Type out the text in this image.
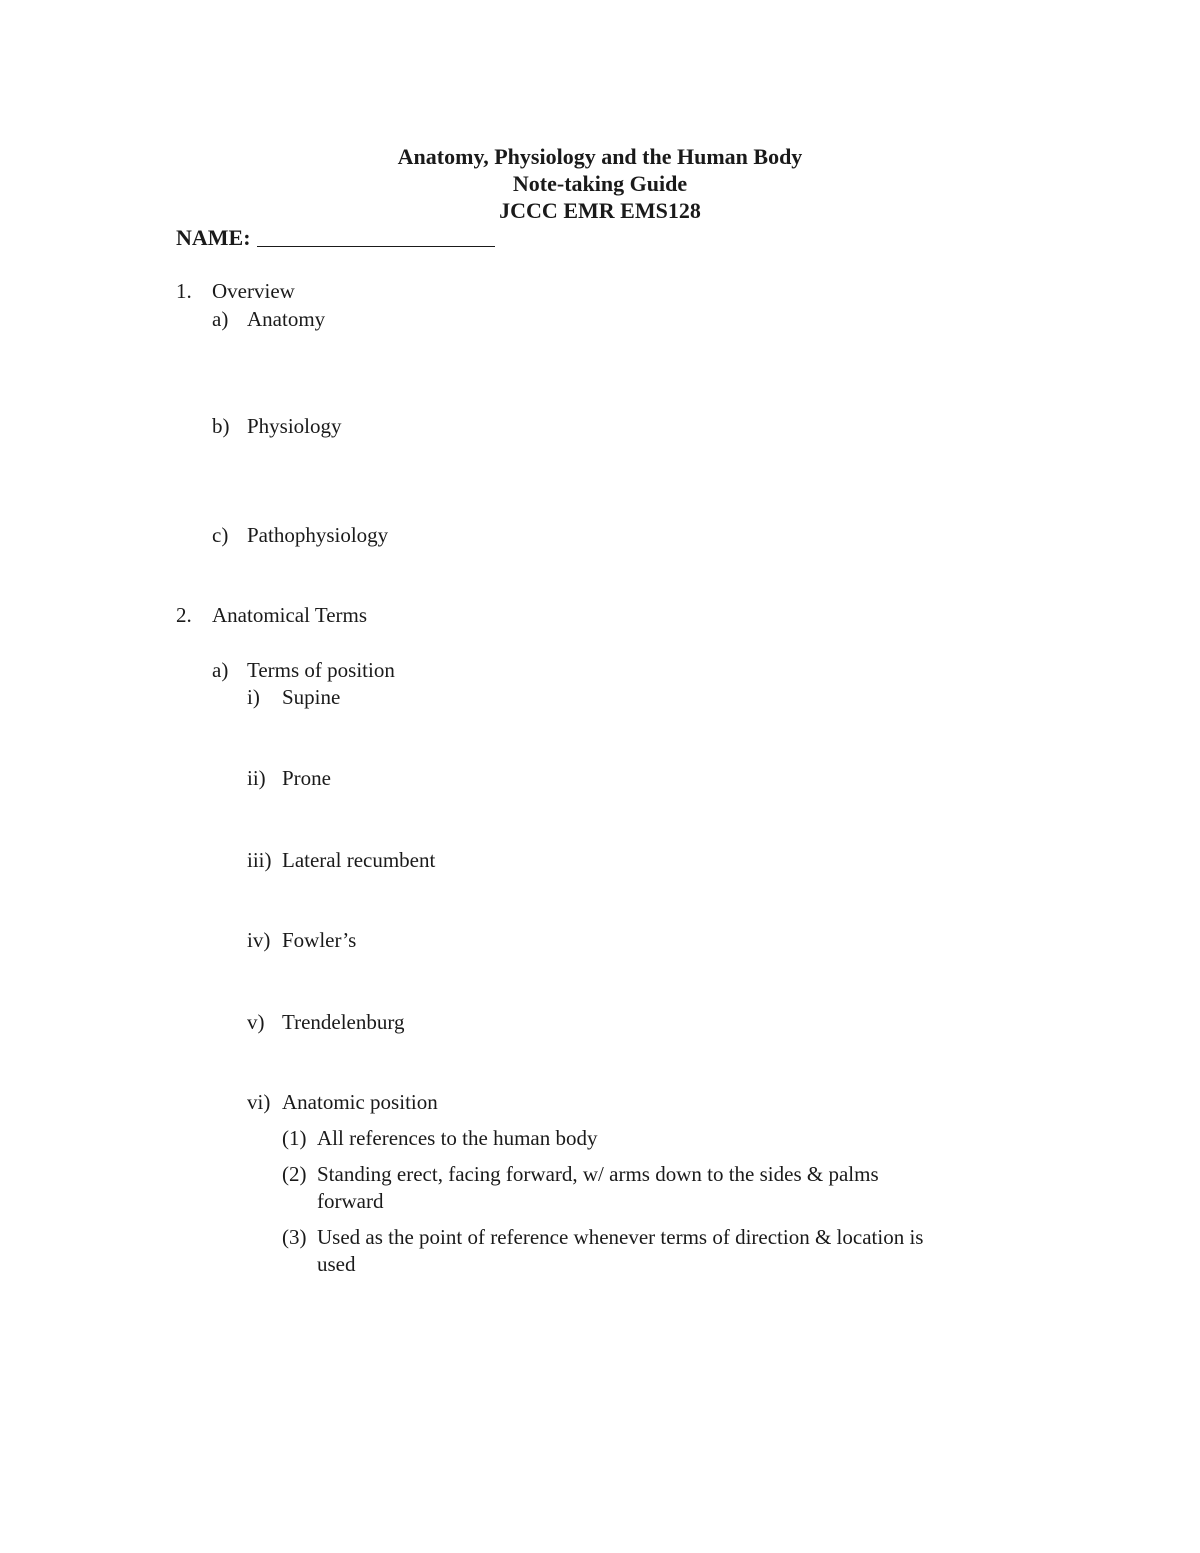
Anatomy, Physiology and the Human Body
Note-taking Guide
JCCC EMR EMS128
NAME:
1. Overview
a) Anatomy
b) Physiology
c) Pathophysiology
2. Anatomical Terms
a) Terms of position
i) Supine
ii) Prone
iii) Lateral recumbent
iv) Fowler’s
v) Trendelenburg
vi) Anatomic position
(1) All references to the human body
(2) Standing erect, facing forward, w/ arms down to the sides & palms
forward
(3) Used as the point of reference whenever terms of direction & location is
used
